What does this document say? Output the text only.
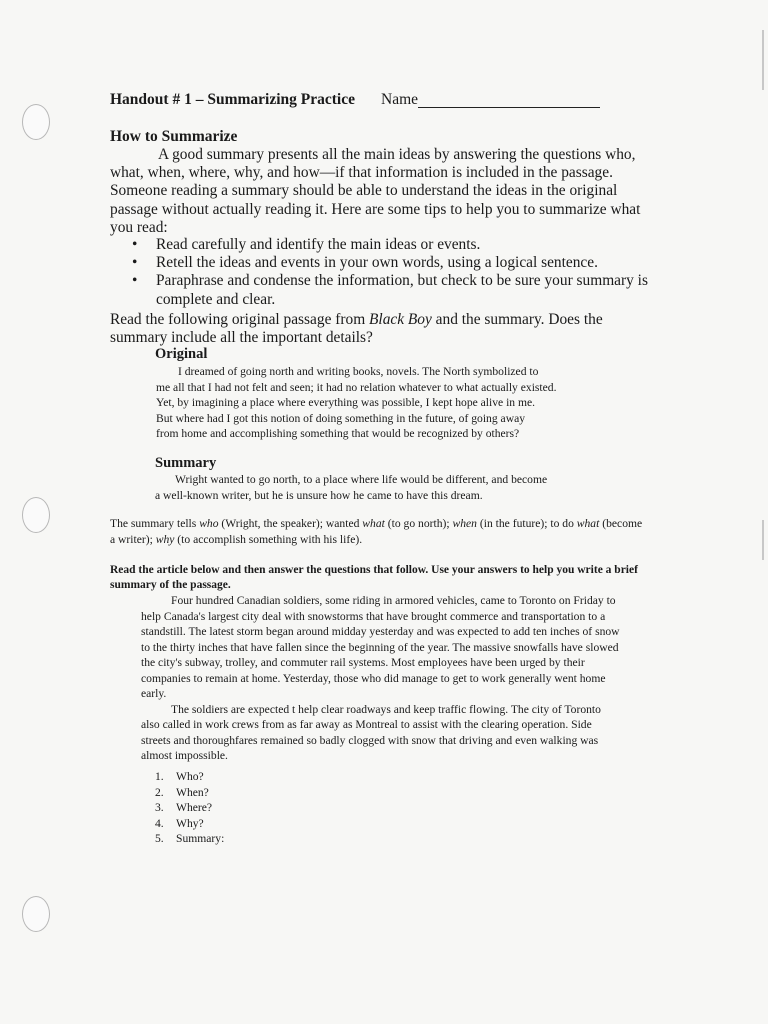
Handout # 1 – Summarizing Practice Name
How to Summarize
A good summary presents all the main ideas by answering the questions who, what, when, where, why, and how—if that information is included in the passage. Someone reading a summary should be able to understand the ideas in the original passage without actually reading it. Here are some tips to help you to summarize what you read:
• Read carefully and identify the main ideas or events.
• Retell the ideas and events in your own words, using a logical sentence.
• Paraphrase and condense the information, but check to be sure your summary is complete and clear.
Read the following original passage from Black Boy and the summary. Does the summary include all the important details?
Original
I dreamed of going north and writing books, novels. The North symbolized to
me all that I had not felt and seen; it had no relation whatever to what actually existed.
Yet, by imagining a place where everything was possible, I kept hope alive in me.
But where had I got this notion of doing something in the future, of going away
from home and accomplishing something that would be recognized by others?
Summary
Wright wanted to go north, to a place where life would be different, and become
a well-known writer, but he is unsure how he came to have this dream.
The summary tells who (Wright, the speaker); wanted what (to go north); when (in the future); to do what (become a writer); why (to accomplish something with his life).
Read the article below and then answer the questions that follow. Use your answers to help you write a brief summary of the passage.

Four hundred Canadian soldiers, some riding in armored vehicles, came to Toronto on Friday to help Canada's largest city deal with snowstorms that have brought commerce and transportation to a standstill. The latest storm began around midday yesterday and was expected to add ten inches of snow to the thirty inches that have fallen since the beginning of the year. The massive snowfalls have slowed the city's subway, trolley, and commuter rail systems. Most employees have been urged by their companies to remain at home. Yesterday, those who did manage to get to work generally went home early.

The soldiers are expected t help clear roadways and keep traffic flowing. The city of Toronto also called in work crews from as far away as Montreal to assist with the clearing operation. Side streets and thoroughfares remained so badly clogged with snow that driving and even walking was almost impossible.

1.	Who?
2.	When?
3.	Where?
4.	Why?
5.	Summary:
